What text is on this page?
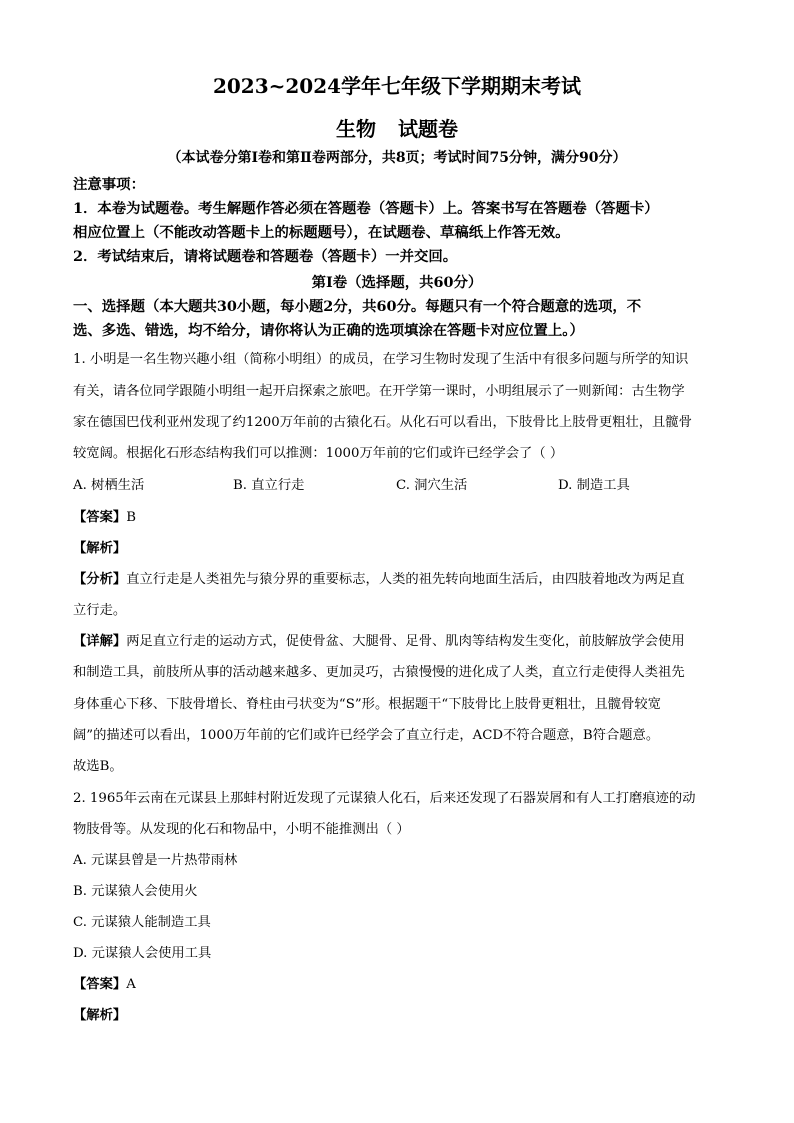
2023~2024学年七年级下学期期末考试
生物 试题卷
（本试卷分第Ⅰ卷和第Ⅱ卷两部分，共8页；考试时间75分钟，满分90分）
注意事项：
1．本卷为试题卷。考生解题作答必须在答题卷（答题卡）上。答案书写在答题卷（答题卡）
相应位置上（不能改动答题卡上的标题题号），在试题卷、草稿纸上作答无效。
2．考试结束后，请将试题卷和答题卷（答题卡）一并交回。
第Ⅰ卷（选择题，共60分）
一、选择题（本大题共30小题，每小题2分，共60分。每题只有一个符合题意的选项，不
选、多选、错选，均不给分，请你将认为正确的选项填涂在答题卡对应位置上。）
1. 小明是一名生物兴趣小组（简称小明组）的成员，在学习生物时发现了生活中有很多问题与所学的知识
有关，请各位同学跟随小明组一起开启探索之旅吧。在开学第一课时，小明组展示了一则新闻：古生物学
家在德国巴伐利亚州发现了约1200万年前的古猿化石。从化石可以看出，下肢骨比上肢骨更粗壮，且髋骨
较宽阔。根据化石形态结构我们可以推测：1000万年前的它们或许已经学会了（ ）
A. 树栖生活	B. 直立行走	C. 洞穴生活	D. 制造工具
【答案】B
【解析】
【分析】直立行走是人类祖先与猿分界的重要标志，人类的祖先转向地面生活后，由四肢着地改为两足直
立行走。
【详解】两足直立行走的运动方式，促使骨盆、大腿骨、足骨、肌肉等结构发生变化，前肢解放学会使用
和制造工具，前肢所从事的活动越来越多、更加灵巧，古猿慢慢的进化成了人类，直立行走使得人类祖先
身体重心下移、下肢骨增长、脊柱由弓状变为“S”形。根据题干“下肢骨比上肢骨更粗壮，且髋骨较宽
阔”的描述可以看出，1000万年前的它们或许已经学会了直立行走，ACD不符合题意，B符合题意。
故选B。
2. 1965年云南在元谋县上那蚌村附近发现了元谋猿人化石，后来还发现了石器炭屑和有人工打磨痕迹的动
物肢骨等。从发现的化石和物品中，小明不能推测出（ ）
A. 元谋县曾是一片热带雨林
B. 元谋猿人会使用火
C. 元谋猿人能制造工具
D. 元谋猿人会使用工具
【答案】A
【解析】
